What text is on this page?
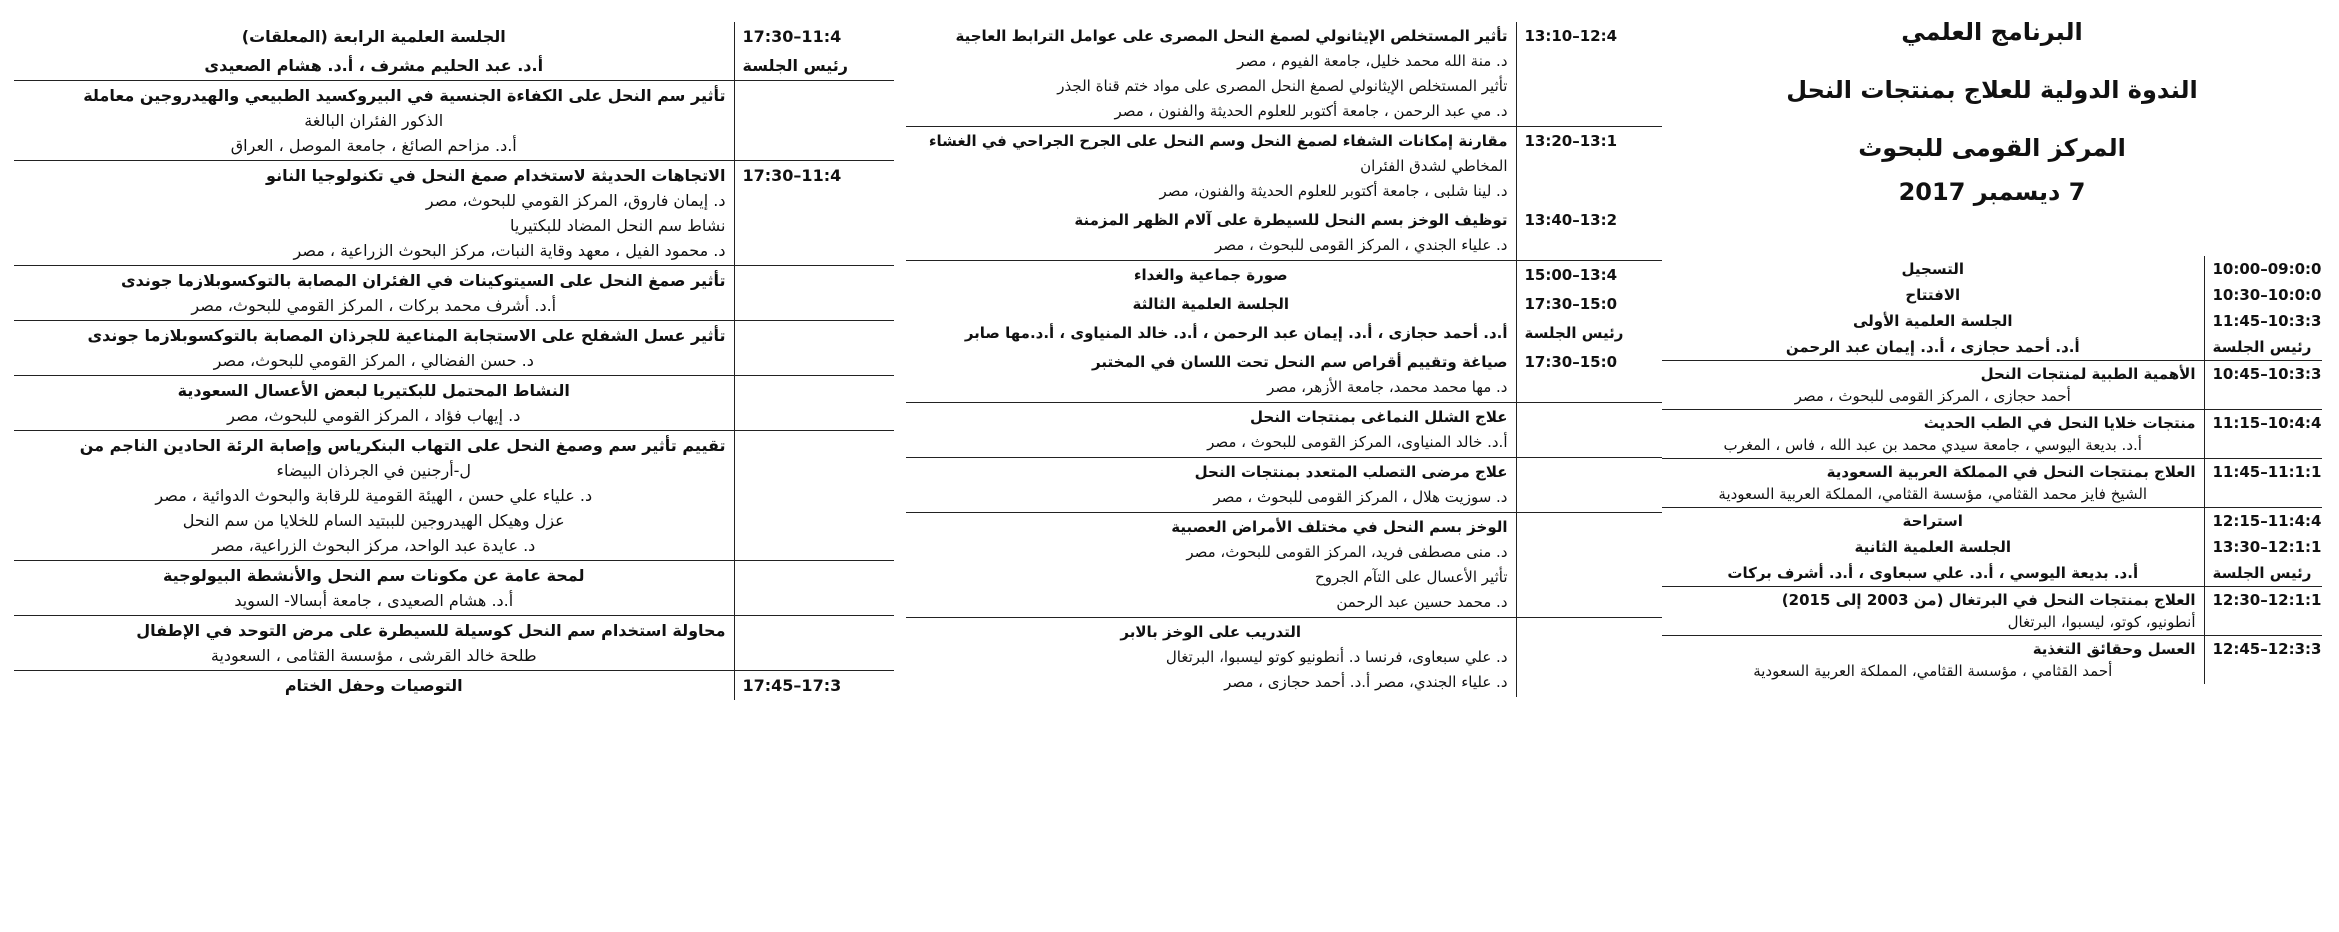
17:30–11:4	الجلسة العلمية الرابعة (المعلقات)

رئيس الجلسة	أ.د. عبد الحليم مشرف ، أ.د. هشام الصعيدى

	تأثير سم النحل على الكفاءة الجنسية في البيروكسيد الطبيعي والهيدروجين معاملة
الذكور الفئران البالغة
أ.د. مزاحم الصائغ ، جامعة الموصل ، العراق

17:30–11:4	الاتجاهات الحديثة لاستخدام صمغ النحل في تكنولوجيا النانو
د. إيمان فاروق، المركز القومي للبحوث، مصر
نشاط سم النحل المضاد للبكتيريا
د. محمود الفيل ، معهد وقاية النبات، مركز البحوث الزراعية ، مصر

	تأثير صمغ النحل على السيتوكينات في الفئران المصابة بالتوكسوبلازما جوندى
أ.د. أشرف محمد بركات ، المركز القومي للبحوث، مصر

	تأثير عسل الشفلح على الاستجابة المناعية للجرذان المصابة بالتوكسوبلازما جوندى
د. حسن الفضالي ، المركز القومي للبحوث، مصر

	النشاط المحتمل للبكتيريا لبعض الأعسال السعودية
د. إيهاب فؤاد ، المركز القومي للبحوث، مصر

	تقييم تأثير سم وصمغ النحل على التهاب البنكرياس وإصابة الرئة الحادين الناجم من
ل-أرجنين في الجرذان البيضاء
د. علياء علي حسن ، الهيئة القومية للرقابة والبحوث الدوائية ، مصر
عزل وهيكل الهيدروجين للببتيد السام للخلايا من سم النحل
د. عايدة عبد الواحد، مركز البحوث الزراعية، مصر

	لمحة عامة عن مكونات سم النحل والأنشطة البيولوجية
أ.د. هشام الصعيدى ، جامعة أبسالا- السويد

	محاولة استخدام سم النحل كوسيلة للسيطرة على مرض التوحد في الإطفال
طلحة خالد القرشى ، مؤسسة القثامى ، السعودية

17:45–17:3	التوصيات وحفل الختام
13:10–12:4	تأثير المستخلص الإيثانولي لصمغ النحل المصرى على عوامل الترابط العاجية
د. منة الله محمد خليل، جامعة الفيوم ، مصر
تأثير المستخلص الإيثانولي لصمغ النحل المصرى على مواد ختم قناة الجذر
د. مي عبد الرحمن ، جامعة أكتوبر للعلوم الحديثة والفنون ، مصر

13:20–13:1	مقارنة إمكانات الشفاء لصمغ النحل وسم النحل على الجرح الجراحي في الغشاء
المخاطي لشدق الفئران
د. لينا شلبى ، جامعة أكتوبر للعلوم الحديثة والفنون، مصر

13:40–13:2	توظيف الوخز بسم النحل للسيطرة على آلام الظهر المزمنة
د. علياء الجندي ، المركز القومى للبحوث ، مصر

15:00–13:4	صورة جماعية والغداء

17:30–15:0	الجلسة العلمية الثالثة

رئيس الجلسة	أ.د. أحمد حجازى ، أ.د. إيمان عبد الرحمن ، أ.د. خالد المنياوى ، أ.د.مها صابر

17:30–15:0	صياغة وتقييم أقراص سم النحل تحت اللسان في المختبر
د. مها محمد محمد، جامعة الأزهر، مصر

	علاج الشلل النماغى بمنتجات النحل
أ.د. خالد المنياوى، المركز القومى للبحوث ، مصر

	علاج مرضى التصلب المتعدد بمنتجات النحل
د. سوزيت هلال ، المركز القومى للبحوث ، مصر

	الوخز بسم النحل في مختلف الأمراض العصبية
د. منى مصطفى فريد، المركز القومى للبحوث، مصر
تأثير الأعسال على التآم الجروح
د. محمد حسين عبد الرحمن

	التدريب على الوخز بالابر
د. علي سبعاوى، فرنسا د. أنطونيو كوتو ليسبوا، البرتغال
د. علياء الجندي، مصر أ.د. أحمد حجازى ، مصر
البرنامج العلمي
الندوة الدولية للعلاج بمنتجات النحل
المركز القومى للبحوث
7 ديسمبر 2017
10:00–09:0:0	التسجيل

10:30–10:0:0	الافتتاح

11:45–10:3:3	الجلسة العلمية الأولى

رئيس الجلسة	أ.د. أحمد حجازى ، أ.د. إيمان عبد الرحمن

10:45–10:3:3	الأهمية الطبية لمنتجات النحل
أحمد حجازى ، المركز القومى للبحوث ، مصر

11:15–10:4:4	منتجات خلايا النحل في الطب الحديث
أ.د. بديعة اليوسي ، جامعة سيدي محمد بن عبد الله ، فاس ، المغرب

11:45–11:1:1	العلاج بمنتجات النحل في المملكة العربية السعودية
الشيخ فايز محمد القثامي، مؤسسة القثامي، المملكة العربية السعودية

12:15–11:4:4	استراحة

13:30–12:1:1	الجلسة العلمية الثانية

رئيس الجلسة	أ.د. بديعة اليوسي ، أ.د. علي سبعاوى ، أ.د. أشرف بركات

12:30–12:1:1	العلاج بمنتجات النحل في البرتغال (من 2003 إلى 2015)
أنطونيو، كوتو، ليسبوا، البرتغال

12:45–12:3:3	العسل وحقائق التغذية
أحمد القثامي ، مؤسسة القثامي، المملكة العربية السعودية
